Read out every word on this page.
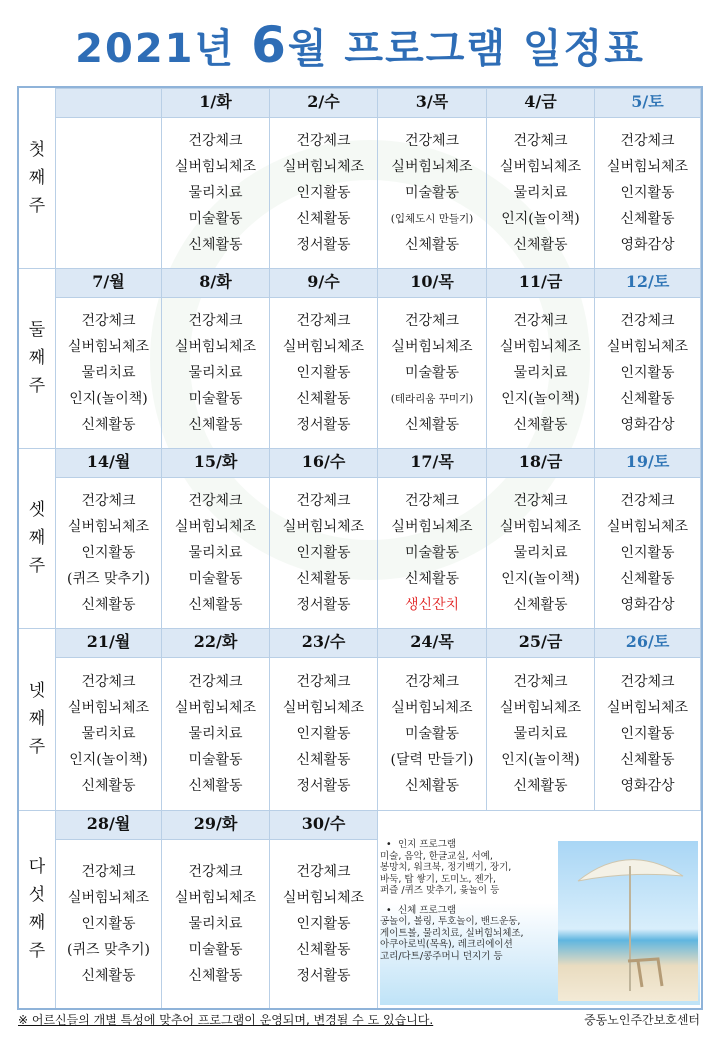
2021년 6월 프로그램 일정표
첫
째
주
1/화
건강체크
실버힘뇌체조
물리치료
미술활동
신체활동
2/수
건강체크
실버힘뇌체조
인지활동
신체활동
정서활동
3/목
건강체크
실버힘뇌체조
미술활동
(입체도시 만들기)
신체활동
4/금
건강체크
실버힘뇌체조
물리치료
인지(놀이책)
신체활동
5/토
건강체크
실버힘뇌체조
인지활동
신체활동
영화감상
둘
째
주
7/월
건강체크
실버힘뇌체조
물리치료
인지(놀이책)
신체활동
8/화
건강체크
실버힘뇌체조
물리치료
미술활동
신체활동
9/수
건강체크
실버힘뇌체조
인지활동
신체활동
정서활동
10/목
건강체크
실버힘뇌체조
미술활동
(테라리움 꾸미기)
신체활동
11/금
건강체크
실버힘뇌체조
물리치료
인지(놀이책)
신체활동
12/토
건강체크
실버힘뇌체조
인지활동
신체활동
영화감상
셋
째
주
14/월
건강체크
실버힘뇌체조
인지활동
(퀴즈 맞추기)
신체활동
15/화
건강체크
실버힘뇌체조
물리치료
미술활동
신체활동
16/수
건강체크
실버힘뇌체조
인지활동
신체활동
정서활동
17/목
건강체크
실버힘뇌체조
미술활동
신체활동
생신잔치
18/금
건강체크
실버힘뇌체조
물리치료
인지(놀이책)
신체활동
19/토
건강체크
실버힘뇌체조
인지활동
신체활동
영화감상
넷
째
주
21/월
건강체크
실버힘뇌체조
물리치료
인지(놀이책)
신체활동
22/화
건강체크
실버힘뇌체조
물리치료
미술활동
신체활동
23/수
건강체크
실버힘뇌체조
인지활동
신체활동
정서활동
24/목
건강체크
실버힘뇌체조
미술활동
(달력 만들기)
신체활동
25/금
건강체크
실버힘뇌체조
물리치료
인지(놀이책)
신체활동
26/토
건강체크
실버힘뇌체조
인지활동
신체활동
영화감상
다
섯
째
주
28/월
건강체크
실버힘뇌체조
인지활동
(퀴즈 맞추기)
신체활동
29/화
건강체크
실버힘뇌체조
물리치료
미술활동
신체활동
30/수
건강체크
실버힘뇌체조
인지활동
신체활동
정서활동
• 인지 프로그램
미술, 음악, 한글교실, 서예,
봉망치, 워크북, 정기백기, 장기,
바둑, 탑 쌓기, 도미노, 젠가,
퍼즐 /퀴즈 맞추기, 윷놀이 등
• 신체 프로그램
공놀이, 볼링, 투호놀이, 밴드운동,
게이트볼, 물리치료, 실버힘뇌체조,
아쿠아로빅(목욕), 레크리에이션
고리/다트/콩주머니 던지기 등
※ 어르신들의 개별 특성에 맞추어 프로그램이 운영되며, 변경될 수 도 있습니다.	중동노인주간보호센터
